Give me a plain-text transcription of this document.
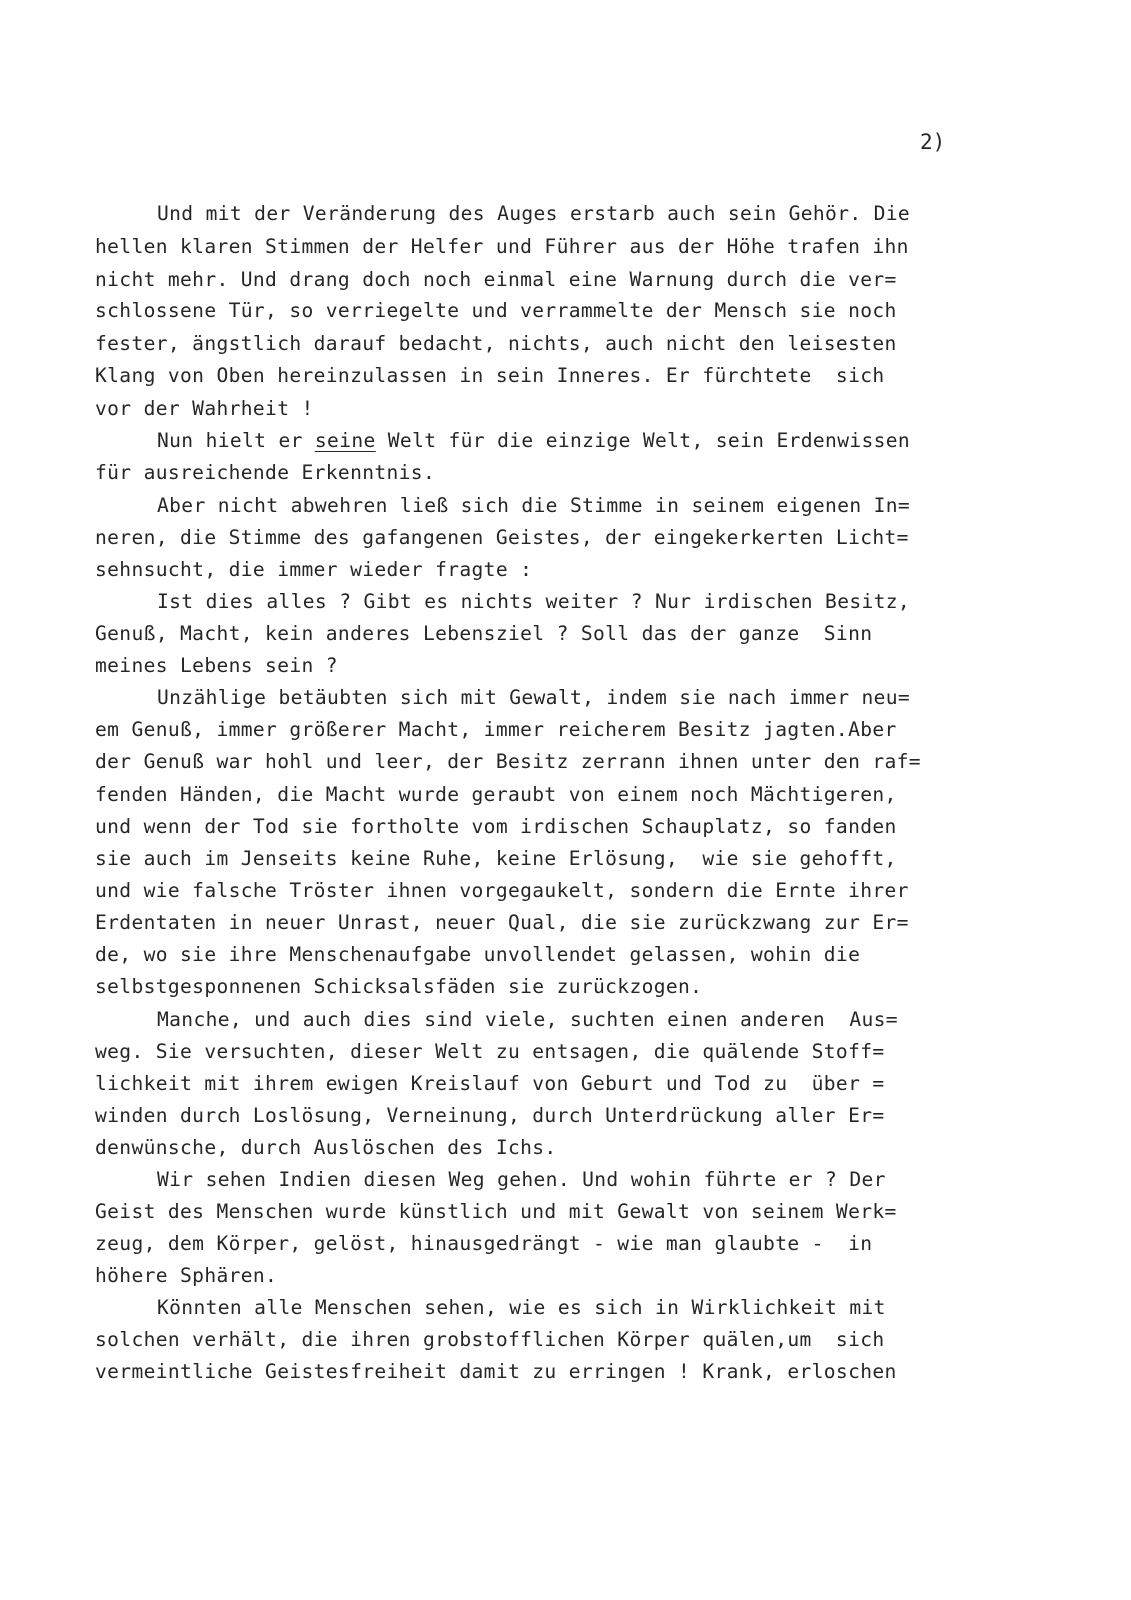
2)
Und mit der Veränderung des Auges erstarb auch sein Gehör. Die
hellen klaren Stimmen der Helfer und Führer aus der Höhe trafen ihn
nicht mehr. Und drang doch noch einmal eine Warnung durch die ver=
schlossene Tür, so verriegelte und verrammelte der Mensch sie noch
fester, ängstlich darauf bedacht, nichts, auch nicht den leisesten
Klang von Oben hereinzulassen in sein Inneres. Er fürchtete  sich
vor der Wahrheit !
Nun hielt er seine Welt für die einzige Welt, sein Erdenwissen
für ausreichende Erkenntnis.
Aber nicht abwehren ließ sich die Stimme in seinem eigenen In=
neren, die Stimme des gafangenen Geistes, der eingekerkerten Licht=
sehnsucht, die immer wieder fragte :
Ist dies alles ? Gibt es nichts weiter ? Nur irdischen Besitz,
Genuß, Macht, kein anderes Lebensziel ? Soll das der ganze  Sinn
meines Lebens sein ?
Unzählige betäubten sich mit Gewalt, indem sie nach immer neu=
em Genuß, immer größerer Macht, immer reicherem Besitz jagten.Aber
der Genuß war hohl und leer, der Besitz zerrann ihnen unter den raf=
fenden Händen, die Macht wurde geraubt von einem noch Mächtigeren,
und wenn der Tod sie fortholte vom irdischen Schauplatz, so fanden
sie auch im Jenseits keine Ruhe, keine Erlösung,  wie sie gehofft,
und wie falsche Tröster ihnen vorgegaukelt, sondern die Ernte ihrer
Erdentaten in neuer Unrast, neuer Qual, die sie zurückzwang zur Er=
de, wo sie ihre Menschenaufgabe unvollendet gelassen, wohin die
selbstgesponnenen Schicksalsfäden sie zurückzogen.
Manche, und auch dies sind viele, suchten einen anderen  Aus=
weg. Sie versuchten, dieser Welt zu entsagen, die quälende Stoff=
lichkeit mit ihrem ewigen Kreislauf von Geburt und Tod zu  über =
winden durch Loslösung, Verneinung, durch Unterdrückung aller Er=
denwünsche, durch Auslöschen des Ichs.
Wir sehen Indien diesen Weg gehen. Und wohin führte er ? Der
Geist des Menschen wurde künstlich und mit Gewalt von seinem Werk=
zeug, dem Körper, gelöst, hinausgedrängt - wie man glaubte -  in
höhere Sphären.
Könnten alle Menschen sehen, wie es sich in Wirklichkeit mit
solchen verhält, die ihren grobstofflichen Körper quälen,um  sich
vermeintliche Geistesfreiheit damit zu erringen ! Krank, erloschen
